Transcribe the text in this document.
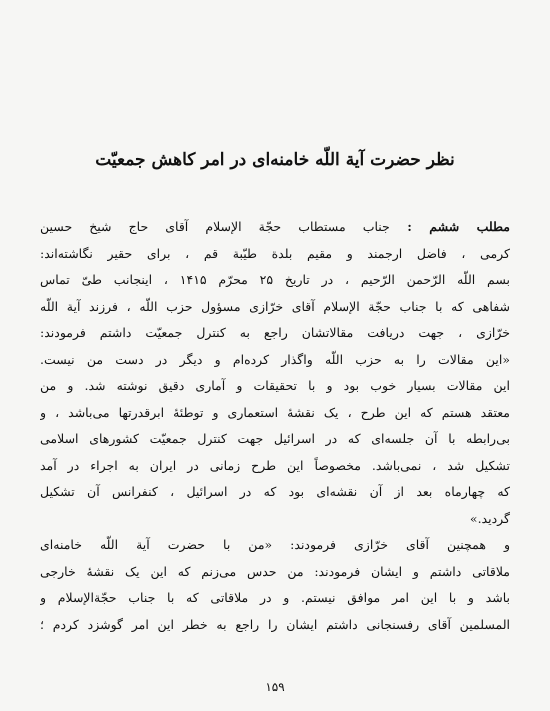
نظر حضرت آیة اللّه خامنه‌ای در امر کاهش جمعیّت
مطلب ششم : جناب مستطاب حجّة الإسلام آقای حاج شیخ حسین
کرمی ، فاضل ارجمند و مقیم بلدة طیّبة قم ، برای حقیر نگاشته‌اند:
بسم اللّه الرّحمن الرّحیم ، در تاریخ ۲۵ محرّم ۱۴۱۵ ، اینجانب طیّ تماس
شفاهی که با جناب حجّة الإسلام آقای خرّازی مسؤول حزب اللّه ، فرزند آیة اللّه
خرّازی ، جهت دریافت مقالاتشان راجع به کنترل جمعیّت داشتم فرمودند:
«این مقالات را به حزب اللّه واگذار کرده‌ام و دیگر در دست من نیست.
این مقالات بسیار خوب بود و با تحقیقات و آماری دقیق نوشته شد. و من
معتقد هستم که این طرح ، یک نقشهٔ استعماری و توطئهٔ ابرقدرتها می‌باشد ، و
بی‌رابطه با آن جلسه‌ای که در اسرائیل جهت کنترل جمعیّت کشورهای اسلامی
تشکیل شد ، نمی‌باشد. مخصوصاً این طرح زمانی در ایران به اجراء در آمد
که چهارماه بعد از آن نقشه‌ای بود که در اسرائیل ، کنفرانس آن تشکیل
گردید.»
و همچنین آقای خرّازی فرمودند: «من با حضرت آیة اللّه خامنه‌ای
ملاقاتی داشتم و ایشان فرمودند: من حدس می‌زنم که این یک نقشهٔ خارجی
باشد و با این امر موافق نیستم. و در ملاقاتی که با جناب حجّة‌الإسلام و
المسلمین آقای رفسنجانی داشتم ایشان را راجع به خطر این امر گوشزد کردم ؛
۱۵۹
